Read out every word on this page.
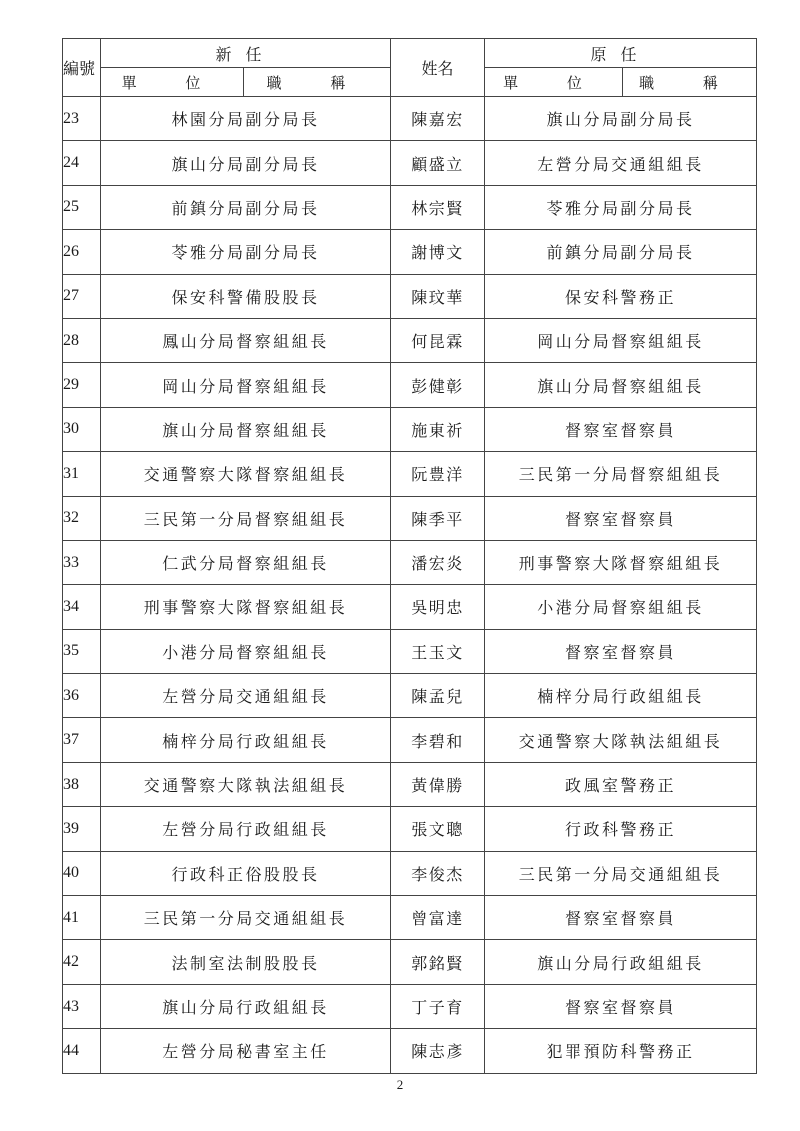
編號	新任		姓名	原任	
	單 位	職 稱		單 位	職 稱
23	林園分局副分局長		陳嘉宏	旗山分局副分局長	
24	旗山分局副分局長		顧盛立	左營分局交通組組長	
25	前鎮分局副分局長		林宗賢	苓雅分局副分局長	
26	苓雅分局副分局長		謝博文	前鎮分局副分局長	
27	保安科警備股股長		陳玟華	保安科警務正	
28	鳳山分局督察組組長		何昆霖	岡山分局督察組組長	
29	岡山分局督察組組長		彭健彰	旗山分局督察組組長	
30	旗山分局督察組組長		施東祈	督察室督察員	
31	交通警察大隊督察組組長		阮豊洋	三民第一分局督察組組長	
32	三民第一分局督察組組長		陳季平	督察室督察員	
33	仁武分局督察組組長		潘宏炎	刑事警察大隊督察組組長	
34	刑事警察大隊督察組組長		吳明忠	小港分局督察組組長	
35	小港分局督察組組長		王玉文	督察室督察員	
36	左營分局交通組組長		陳孟兒	楠梓分局行政組組長	
37	楠梓分局行政組組長		李碧和	交通警察大隊執法組組長	
38	交通警察大隊執法組組長		黃偉勝	政風室警務正	
39	左營分局行政組組長		張文聰	行政科警務正	
40	行政科正俗股股長		李俊杰	三民第一分局交通組組長	
41	三民第一分局交通組組長		曾富達	督察室督察員	
42	法制室法制股股長		郭銘賢	旗山分局行政組組長	
43	旗山分局行政組組長		丁子育	督察室督察員	
44	左營分局秘書室主任		陳志彥	犯罪預防科警務正	
2
